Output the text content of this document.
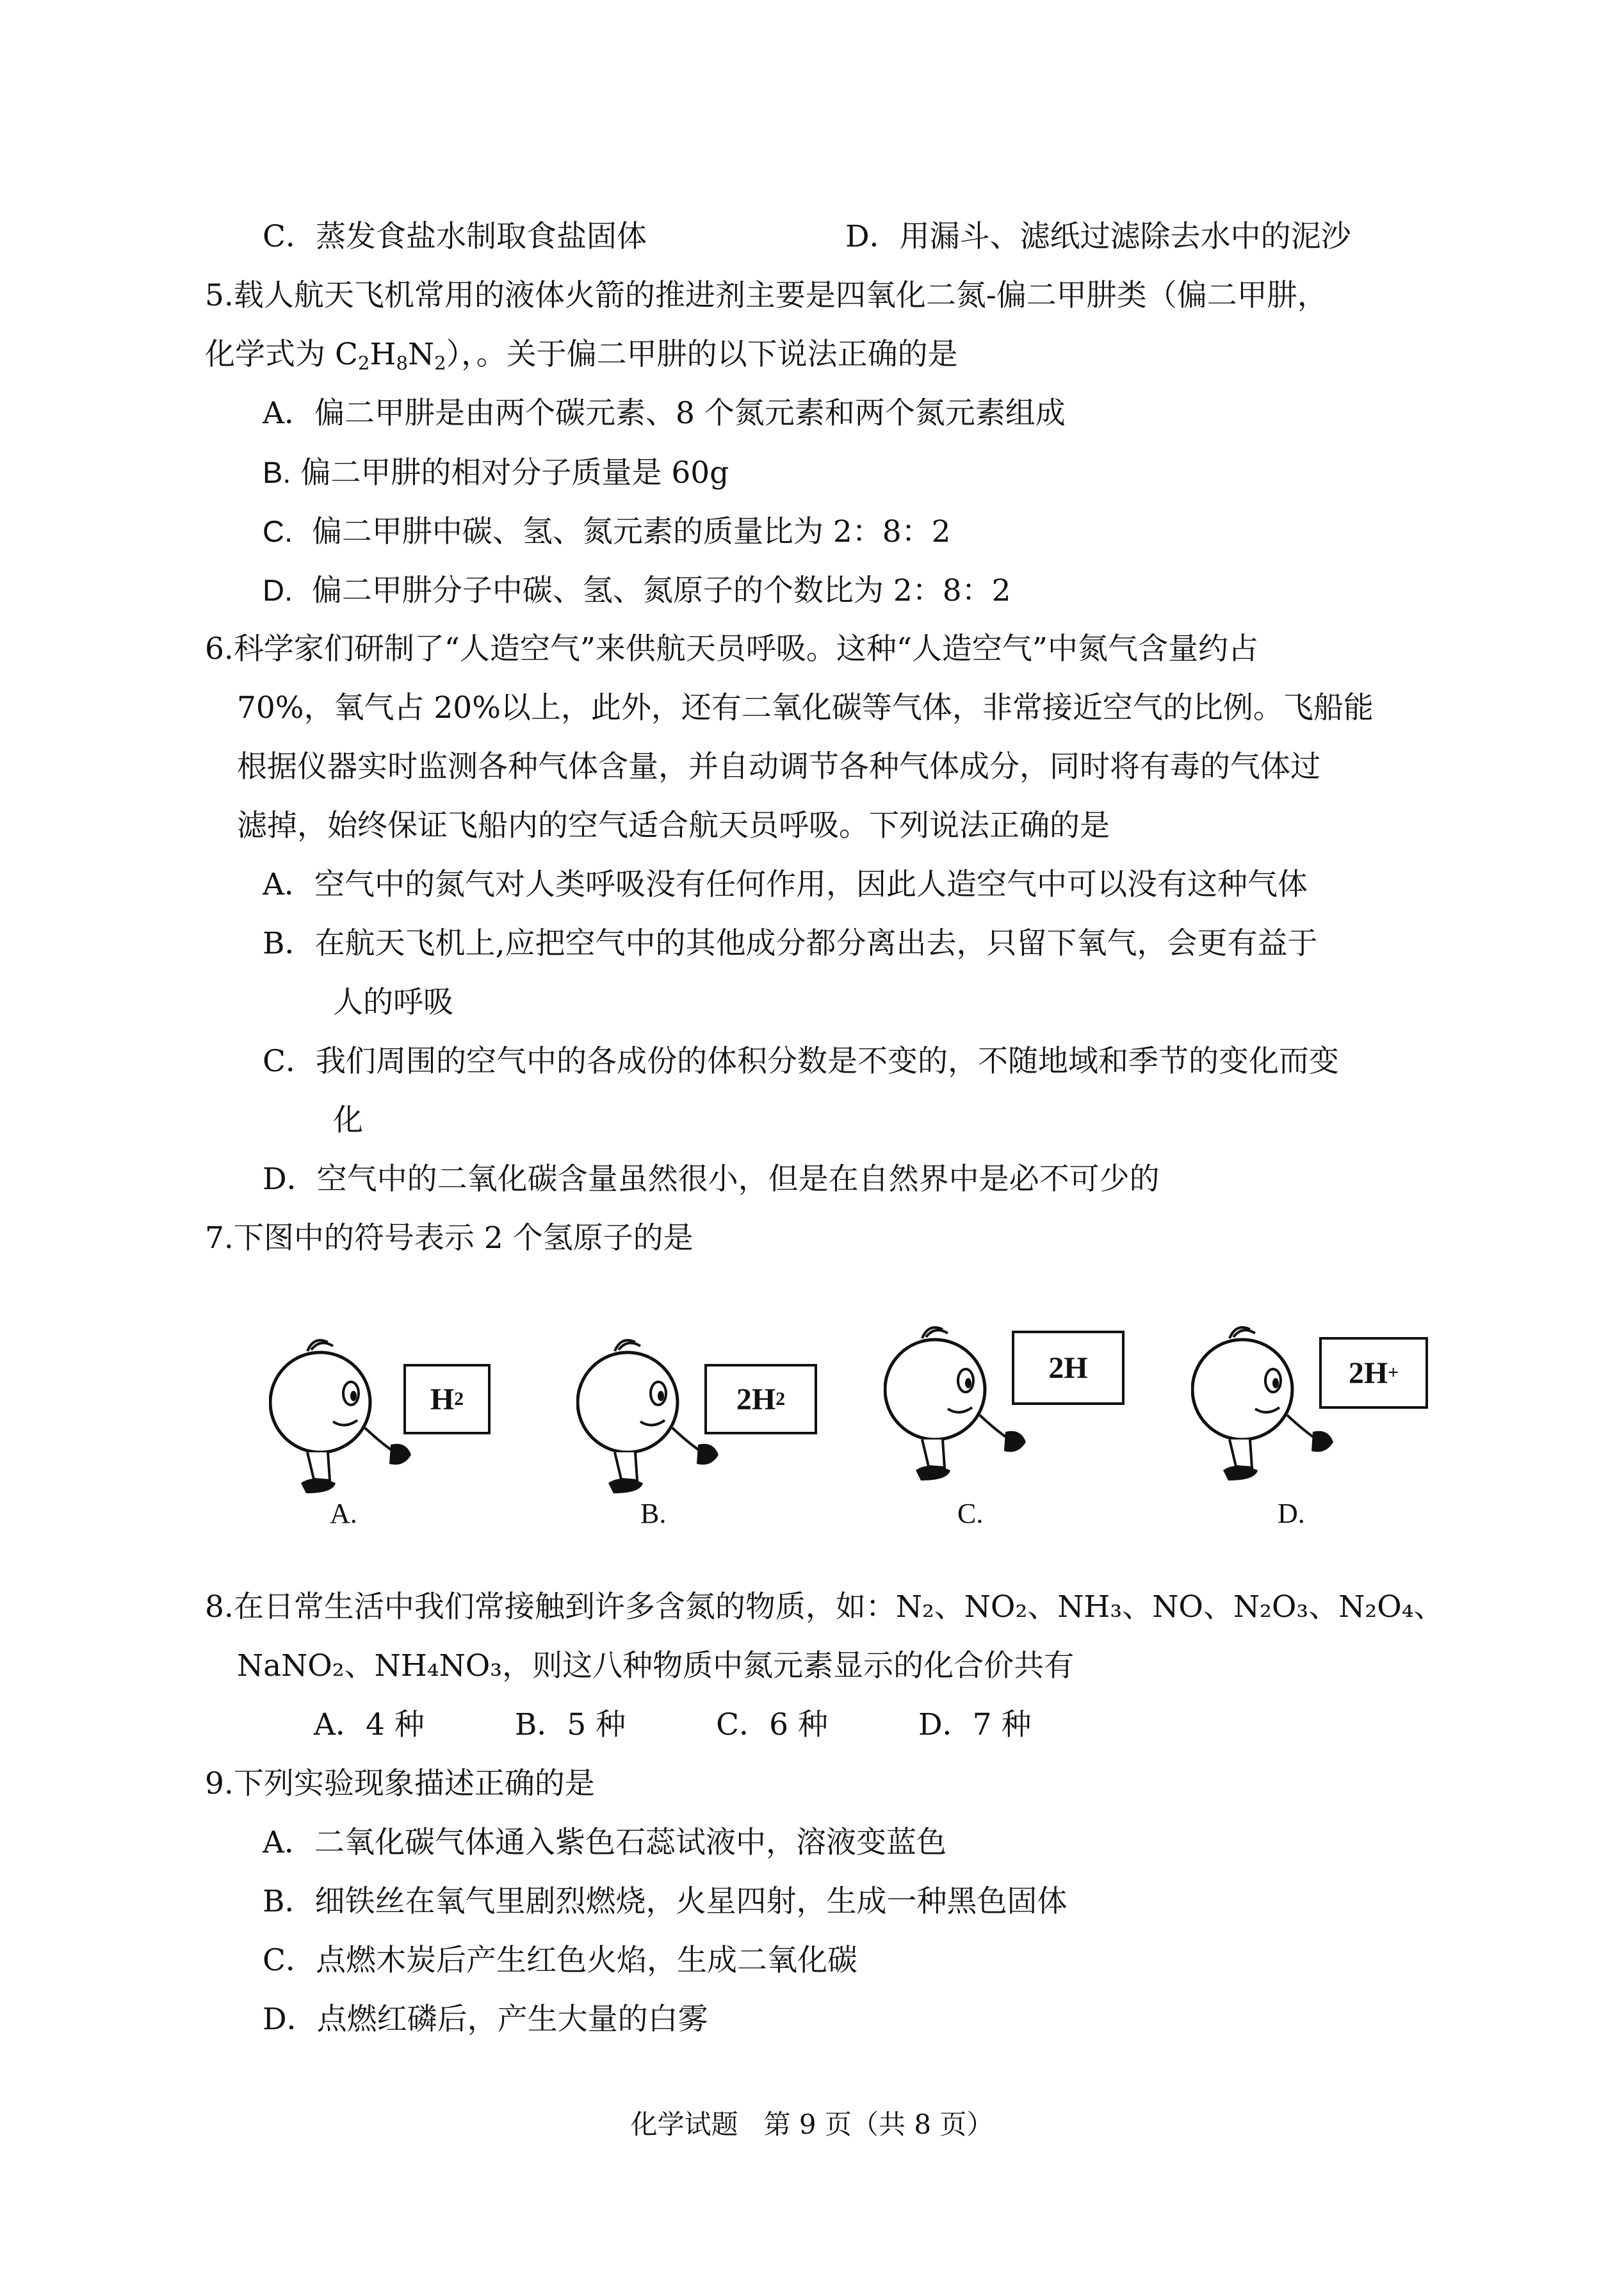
C．蒸发食盐水制取食盐固体	D．用漏斗、滤纸过滤除去水中的泥沙
5.载人航天飞机常用的液体火箭的推进剂主要是四氧化二氮-偏二甲肼类（偏二甲肼，
化学式为 $C_2H_8N_2$），。关于偏二甲肼的以下说法正确的是
A．偏二甲肼是由两个碳元素、8 个氮元素和两个氮元素组成
B. 偏二甲肼的相对分子质量是 60g
C. 偏二甲肼中碳、氢、氮元素的质量比为 2：8：2
D. 偏二甲肼分子中碳、氢、氮原子的个数比为 2：8：2
6.科学家们研制了“人造空气”来供航天员呼吸。这种“人造空气”中氮气含量约占
70%，氧气占 20%以上，此外，还有二氧化碳等气体，非常接近空气的比例。飞船能
根据仪器实时监测各种气体含量，并自动调节各种气体成分，同时将有毒的气体过
滤掉，始终保证飞船内的空气适合航天员呼吸。下列说法正确的是
A．空气中的氮气对人类呼吸没有任何作用，因此人造空气中可以没有这种气体
B．在航天飞机上,应把空气中的其他成分都分离出去，只留下氧气，会更有益于
人的呼吸
C．我们周围的空气中的各成份的体积分数是不变的，不随地域和季节的变化而变
化
D．空气中的二氧化碳含量虽然很小，但是在自然界中是必不可少的
7.下图中的符号表示 2 个氢原子的是
H 2
A.
2H 2
B.
2H
C.
2H +
D.
8.在日常生活中我们常接触到许多含氮的物质，如：N₂、NO₂、NH₃、NO、N₂O₃、N₂O₄、
NaNO₂、NH₄NO₃，则这八种物质中氮元素显示的化合价共有
A．4 种　　　B．5 种　　　C．6 种　　　D．7 种
9.下列实验现象描述正确的是
A．二氧化碳气体通入紫色石蕊试液中，溶液变蓝色
B．细铁丝在氧气里剧烈燃烧，火星四射，生成一种黑色固体
C．点燃木炭后产生红色火焰，生成二氧化碳
D．点燃红磷后，产生大量的白雾
化学试题 第 9 页（共 8 页）
